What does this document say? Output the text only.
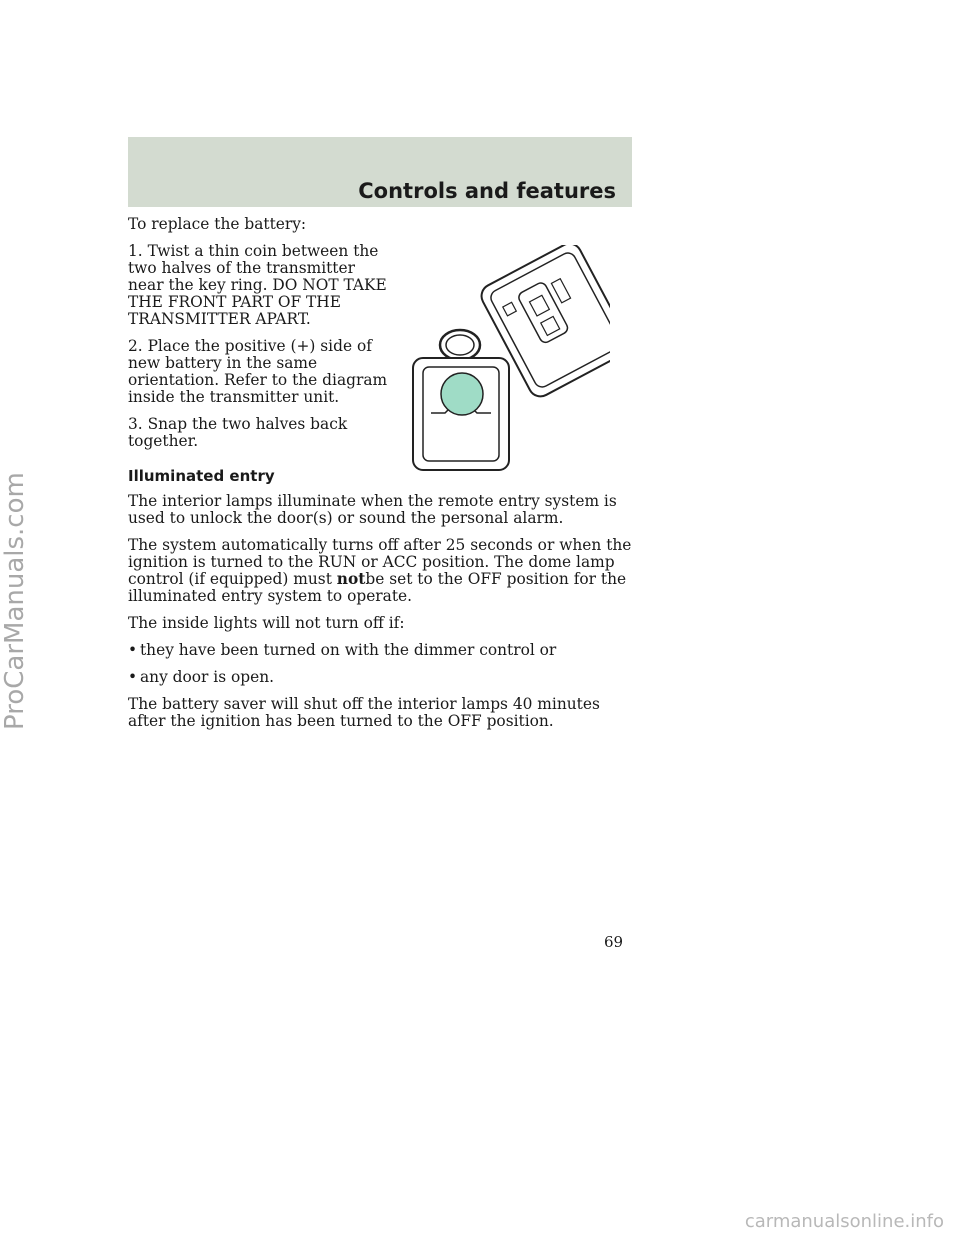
Controls and features

To replace the battery:

1. Twist a thin coin between the two halves of the transmitter near the key ring. DO NOT TAKE THE FRONT PART OF THE TRANSMITTER APART.
2. Place the positive (+) side of new battery in the same orientation. Refer to the diagram inside the transmitter unit.
3. Snap the two halves back together.
Illuminated entry

The interior lamps illuminate when the remote entry system is used to unlock the door(s) or sound the personal alarm.

The system automatically turns off after 25 seconds or when the ignition is turned to the RUN or ACC position. The dome lamp control (if equipped) must notbe set to the OFF position for the illuminated entry system to operate.

The inside lights will not turn off if:

• they have been turned on with the dimmer control or
• any door is open.

The battery saver will shut off the interior lamps 40 minutes after the ignition has been turned to the OFF position.

69
ProCarManuals.com
carmanualsonline.info
